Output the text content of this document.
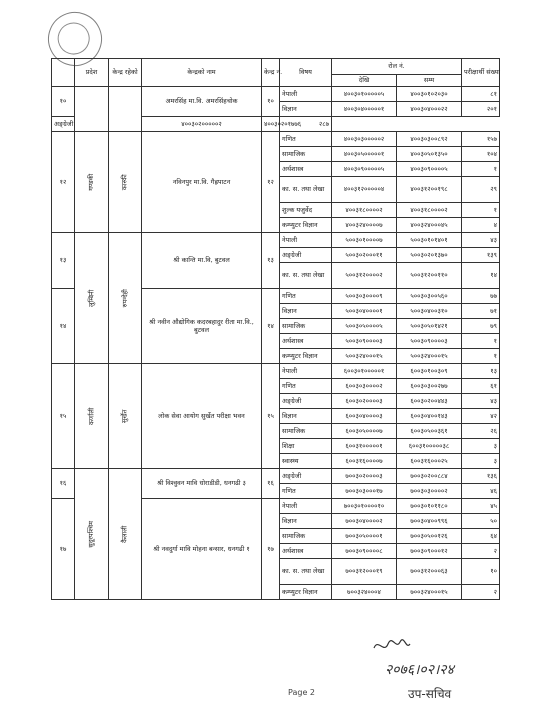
	प्रदेश	केन्द्र रहेको	केन्द्रको नाम	केन्द्र नं.	विषय	रोल नं.		परीक्षार्थी संख्या
						देखि	सम्म	
१०			अमरसिंह मा.वि. अमरसिंहचोक	१०	नेपाली	४००३०१०००००५	४००३०१०२०३०	८१
					विज्ञान	४००३०४०००००१	४००३०४०००२२	२०१
अङ्ग्रेजी			४००३०२०००००२	४००३०२०१७७६	२८७			
१२	गण्डकी	कास्की	नविनपुर मा.वि. गैह्रपाटन	१२	गणित	४००३०३०००००२	४००३०३००८९२	१५७
					सामाजिक	४००३०५०००००१	४००३०५०१३५०	१०४
					अर्थशास्त्र	४००३०९०००००५	४००३०९००००५	१
					का. स. तथा लेखा	४००३१२०००००४	४००३१२००१९८	२९
					शुल्क यजुर्वेद	४००३१८००००२	४००३१८००००२	१
					कम्प्युटर विज्ञान	४००३२४००००७	४००३२४०००४५	४
१३	लुम्बिनी	रुपन्देही	श्री कान्ति मा.वि, बुटवल	१३	नेपाली	५००३०१००००७	५००३०१०१४०१	४३
					अङ्ग्रेजी	५००३०२०००११	५००३०२०१३७०	१३९
					का. स. तथा लेखा	५००३१२००००२	५००३१२००११०	१४
१४			श्री नवीन औद्योगिक कदरबहादुर रीता मा.वि., बुटवल	१४	गणित	५००३०३००००९	५००३०३००५६०	७७
					विज्ञान	५००३०४००००१	५००३०४००३१०	७१
					सामाजिक	५००३०५००००५	५००३०५०१४२१	७९
					अर्थशास्त्र	५००३०९००००३	५००३०९००००३	१
					कम्प्युटर विज्ञान	५००३२४०००१५	५००३२४०००१५	१
१५	कर्णाली	सुर्खेत	लोक सेवा आयोग सुर्खेत परीक्षा भवन	१५	नेपाली	६००३०१०००००१	६००३०१००३०९	१३
					गणित	६००३०३००००२	६००३०३००२७७	६१
					अङ्ग्रेजी	६००३०२००००३	६००३०२००४४३	४३
					विज्ञान	६००३०४००००३	६००३०४००१४३	४२
					सामाजिक	६००३०५००००७	६००३०५००३६१	२६
					शिक्षा	६००३१०००००१	६००३१०००००३८	३
					स्वास्थ्य	६००३१६००००७	६००३१६०००२५	३
१६	सुदूरपश्चिम	कैलाली	श्री विश्वुवन मावि धोराडीडी, धनगढी ३	१६	अङ्ग्रेजी	७००३०२००००३	७००३०२००८८४	१३६
					गणित	७००३०३०००१७	७००३०३००००२	४६
१७			श्री नवदुर्गा मावि मोहना बन्सार, धनगढी १	१७	नेपाली	७००३०१००००१०	७००३०१०११८०	४५
					विज्ञान	७००३०४००००२	७००३०४००९९६	५०
					सामाजिक	७००३०५००००१	७००३०५००१२६	६४
					अर्थशास्त्र	७००३०९००००८	७००३०९०००१२	२
					का. स. तथा लेखा	७००३१२०००१९	७००३१२०००६३	१०
					कम्प्युटर विज्ञान	७००३२४०००४	७००३२४०००१५	२
२०७६।०२।२४
उप-सचिव
Page 2
